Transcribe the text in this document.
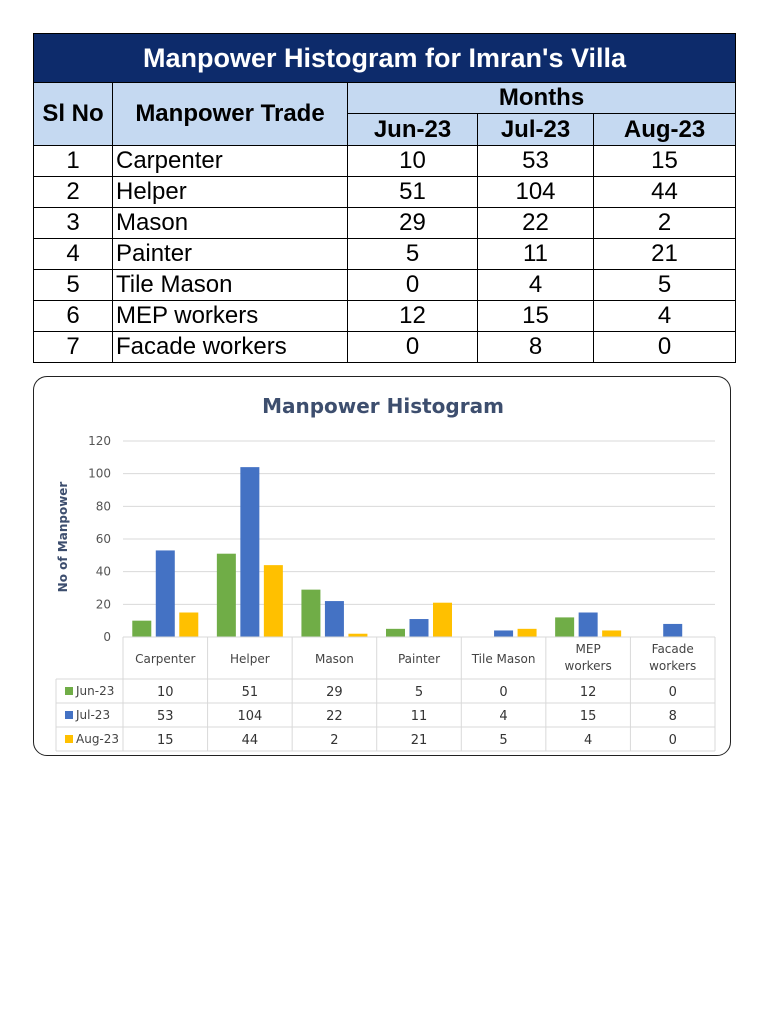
Manpower Histogram for Imran's Villa				
Sl No	Manpower Trade	Months		
		Jun-23	Jul-23	Aug-23
1	Carpenter	10	53	15
2	Helper	51	104	44
3	Mason	29	22	2
4	Painter	5	11	21
5	Tile Mason	0	4	5
6	MEP workers	12	15	4
7	Facade workers	0	8	0
Manpower Histogram
No of Manpower
0
20
40
60
80
100
120
Carpenter	Helper	Mason	Painter	Tile Mason
MEP workers
Facade workers
Jun-23	10	51	29	5	0	12	0
Jul-23	53	104	22	11	4	15	8
Aug-23	15	44	2	21	5	4	0
